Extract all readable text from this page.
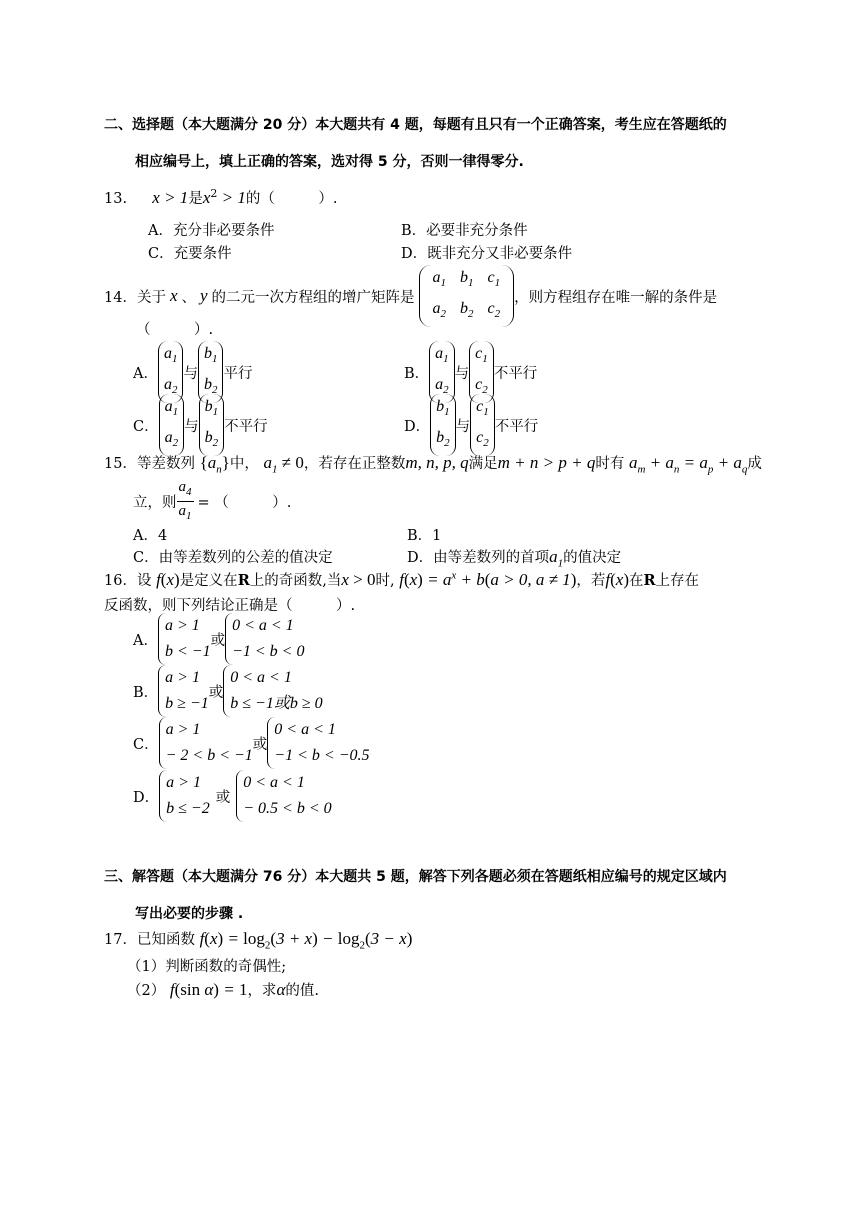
二、选择题（本大题满分 20 分）本大题共有 4 题，每题有且只有一个正确答案，考生应在答题纸的
相应编号上，填上正确的答案，选对得 5 分，否则一律得零分.
13. x > 1是$x^2 > 1$的（　　　）.
A．充分非必要条件	B．必要非充分条件
C．充要条件	D．既非充分又非必要条件
14． 关于 x 、 y 的二元一次方程组的增广矩阵是
$a_1$	$b_1$	$c_1$
$a_2$	$b_2$	$c_2$
，则方程组存在唯一解的条件是
（　　　）.
A．
$a_1$
$a_2$
与
$b_1$
$b_2$
平行	B．
$a_1$
$a_2$
与
$c_1$
$c_2$
不平行
C．
$a_1$
$a_2$
与
$b_1$
$b_2$
不平行	D．
$b_1$
$b_2$
与
$c_1$
$c_2$
不平行
15．等差数列 $\{a_n\}$中， $a_1 \ne 0$，若存在正整数m, n, p, q满足m + n > p + q时有 $a_m + a_n = a_p + a_q$成
立，则 $\frac{a_4}{a_1}$ = （　　　）.
A．4	B．1
C．由等差数列的公差的值决定	D．由等差数列的首项$a_1$的值决定
16．设 f(x)是定义在R上的奇函数,当x > 0时, $f(x) = a^x + b(a > 0$, a ≠ 1)，若f(x)在R上存在
反函数，则下列结论正确是（　　　）.
A．
a > 1
b < −1
或
0 < a < 1
−1 < b < 0
B．
a > 1
b ≥ −1
或
0 < a < 1
b ≤ −1或b ≥ 0
C．
a > 1
− 2 < b < −1
或
0 < a < 1
−1 < b < −0.5
D．
a > 1
b ≤ −2
或
0 < a < 1
− 0.5 < b < 0
三、解答题（本大题满分 76 分）本大题共 5 题，解答下列各题必须在答题纸相应编号的规定区域内
写出必要的步骤 .
17．已知函数 $f(x) = \log_2(3 + x) - \log_2(3 - x)$
（1）判断函数的奇偶性;
（2） f(sin α) = 1，求α的值.
